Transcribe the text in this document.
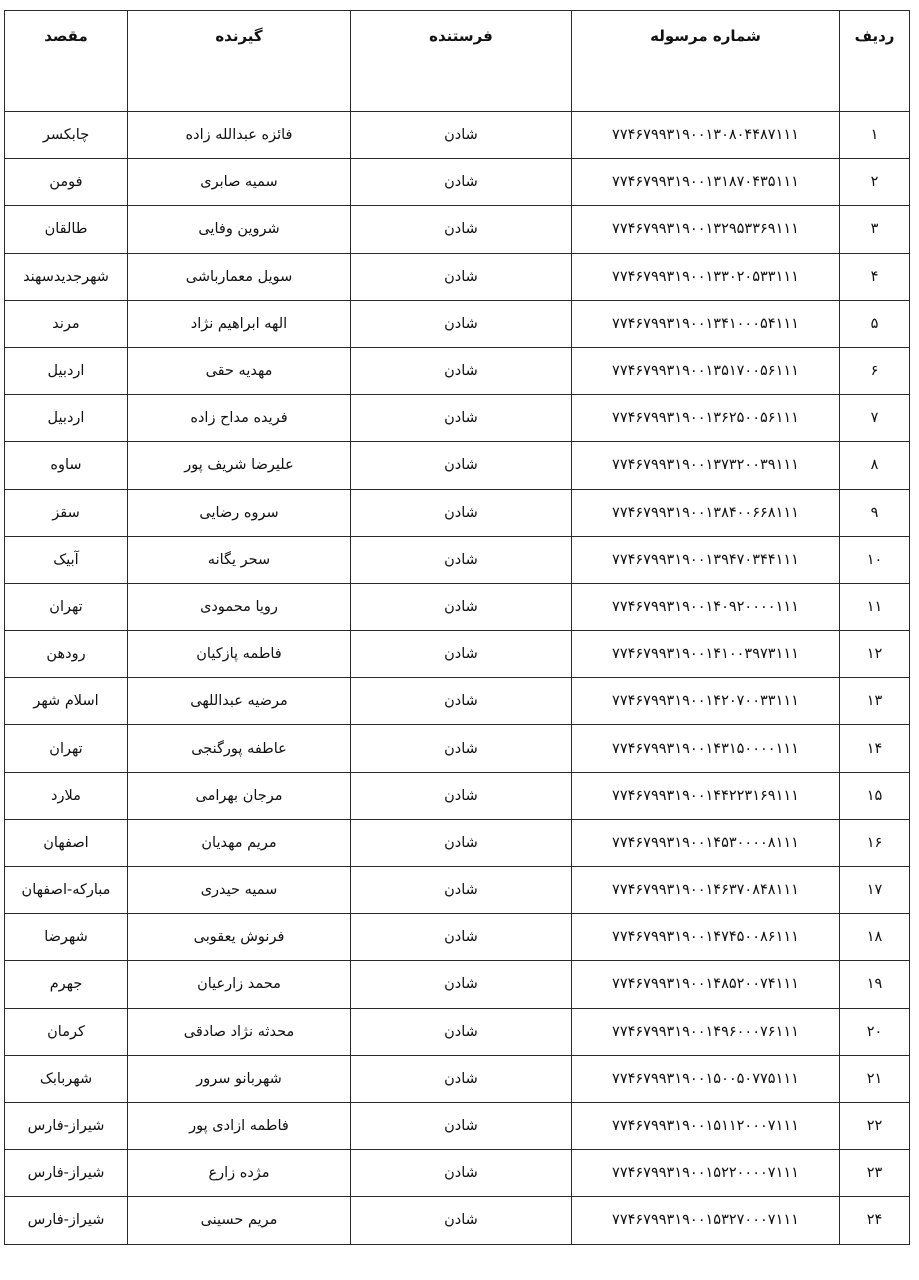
ردیف	شماره مرسوله	فرستنده	گیرنده	مقصد
۱	۷۷۴۶۷۹۹۳۱۹۰۰۱۳۰۸۰۴۴۸۷۱۱۱	شادن	فائزه عبدالله زاده	چابکسر
۲	۷۷۴۶۷۹۹۳۱۹۰۰۱۳۱۸۷۰۴۳۵۱۱۱	شادن	سمیه صابری	فومن
۳	۷۷۴۶۷۹۹۳۱۹۰۰۱۳۲۹۵۳۳۶۹۱۱۱	شادن	شروین وفایی	طالقان
۴	۷۷۴۶۷۹۹۳۱۹۰۰۱۳۳۰۲۰۵۳۳۱۱۱	شادن	سویل معمارباشی	شهرجدیدسهند
۵	۷۷۴۶۷۹۹۳۱۹۰۰۱۳۴۱۰۰۰۵۴۱۱۱	شادن	الهه ابراهیم نژاد	مرند
۶	۷۷۴۶۷۹۹۳۱۹۰۰۱۳۵۱۷۰۰۵۶۱۱۱	شادن	مهدیه حقی	اردبیل
۷	۷۷۴۶۷۹۹۳۱۹۰۰۱۳۶۲۵۰۰۵۶۱۱۱	شادن	فریده مداح زاده	اردبیل
۸	۷۷۴۶۷۹۹۳۱۹۰۰۱۳۷۳۲۰۰۳۹۱۱۱	شادن	علیرضا شریف پور	ساوه
۹	۷۷۴۶۷۹۹۳۱۹۰۰۱۳۸۴۰۰۶۶۸۱۱۱	شادن	سروه رضایی	سقز
۱۰	۷۷۴۶۷۹۹۳۱۹۰۰۱۳۹۴۷۰۳۴۴۱۱۱	شادن	سحر یگانه	آبیک
۱۱	۷۷۴۶۷۹۹۳۱۹۰۰۱۴۰۹۲۰۰۰۰۱۱۱	شادن	رویا محمودی	تهران
۱۲	۷۷۴۶۷۹۹۳۱۹۰۰۱۴۱۰۰۳۹۷۳۱۱۱	شادن	فاطمه پازکیان	رودهن
۱۳	۷۷۴۶۷۹۹۳۱۹۰۰۱۴۲۰۷۰۰۳۳۱۱۱	شادن	مرضیه عبداللهی	اسلام شهر
۱۴	۷۷۴۶۷۹۹۳۱۹۰۰۱۴۳۱۵۰۰۰۰۱۱۱	شادن	عاطفه پورگنجی	تهران
۱۵	۷۷۴۶۷۹۹۳۱۹۰۰۱۴۴۲۲۳۱۶۹۱۱۱	شادن	مرجان بهرامی	ملارد
۱۶	۷۷۴۶۷۹۹۳۱۹۰۰۱۴۵۳۰۰۰۰۸۱۱۱	شادن	مریم مهدیان	اصفهان
۱۷	۷۷۴۶۷۹۹۳۱۹۰۰۱۴۶۳۷۰۸۴۸۱۱۱	شادن	سمیه حیدری	مبارکه-اصفهان
۱۸	۷۷۴۶۷۹۹۳۱۹۰۰۱۴۷۴۵۰۰۸۶۱۱۱	شادن	فرنوش یعقوبی	شهرضا
۱۹	۷۷۴۶۷۹۹۳۱۹۰۰۱۴۸۵۲۰۰۷۴۱۱۱	شادن	محمد زارعیان	جهرم
۲۰	۷۷۴۶۷۹۹۳۱۹۰۰۱۴۹۶۰۰۰۷۶۱۱۱	شادن	محدثه نژاد صادقی	کرمان
۲۱	۷۷۴۶۷۹۹۳۱۹۰۰۱۵۰۰۵۰۷۷۵۱۱۱	شادن	شهربانو سرور	شهربابک
۲۲	۷۷۴۶۷۹۹۳۱۹۰۰۱۵۱۱۲۰۰۰۷۱۱۱	شادن	فاطمه ازادی پور	شیراز-فارس
۲۳	۷۷۴۶۷۹۹۳۱۹۰۰۱۵۲۲۰۰۰۰۷۱۱۱	شادن	مژده زارع	شیراز-فارس
۲۴	۷۷۴۶۷۹۹۳۱۹۰۰۱۵۳۲۷۰۰۰۷۱۱۱	شادن	مریم حسینی	شیراز-فارس
